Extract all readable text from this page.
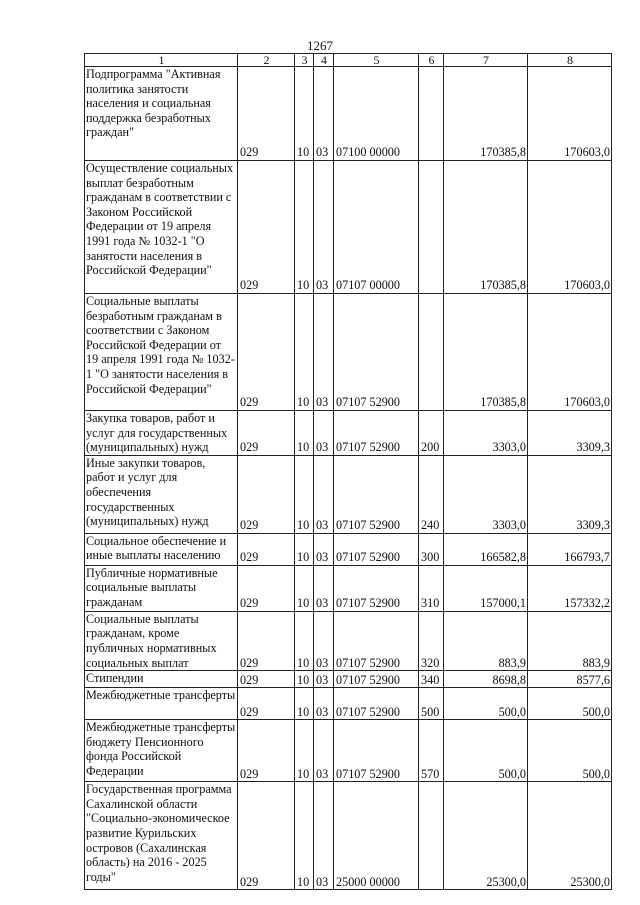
1267
1	2	3	4	5	6	7	8
Подпрограмма "Активная политика занятости населения и социальная поддержка безработных граждан"	029	10	03	07100 00000		170385,8	170603,0
Осуществление социальных выплат безработным гражданам в соответствии с Законом Российской Федерации от 19 апреля 1991 года № 1032-1 "О занятости населения в Российской Федерации"	029	10	03	07107 00000		170385,8	170603,0
Социальные выплаты безработным гражданам в соответствии с Законом Российской Федерации от 19 апреля 1991 года № 1032-1 "О занятости населения в Российской Федерации"	029	10	03	07107 52900		170385,8	170603,0
Закупка товаров, работ и услуг для государственных (муниципальных) нужд	029	10	03	07107 52900	200	3303,0	3309,3
Иные закупки товаров, работ и услуг для обеспечения государственных (муниципальных) нужд	029	10	03	07107 52900	240	3303,0	3309,3
Социальное обеспечение и иные выплаты населению	029	10	03	07107 52900	300	166582,8	166793,7
Публичные нормативные социальные выплаты гражданам	029	10	03	07107 52900	310	157000,1	157332,2
Социальные выплаты гражданам, кроме публичных нормативных социальных выплат	029	10	03	07107 52900	320	883,9	883,9
Стипендии	029	10	03	07107 52900	340	8698,8	8577,6
Межбюджетные трансферты	029	10	03	07107 52900	500	500,0	500,0
Межбюджетные трансферты бюджету Пенсионного фонда Российской Федерации	029	10	03	07107 52900	570	500,0	500,0
Государственная программа Сахалинской области "Социально-экономическое развитие Курильских островов (Сахалинская область) на 2016 - 2025 годы"	029	10	03	25000 00000		25300,0	25300,0
